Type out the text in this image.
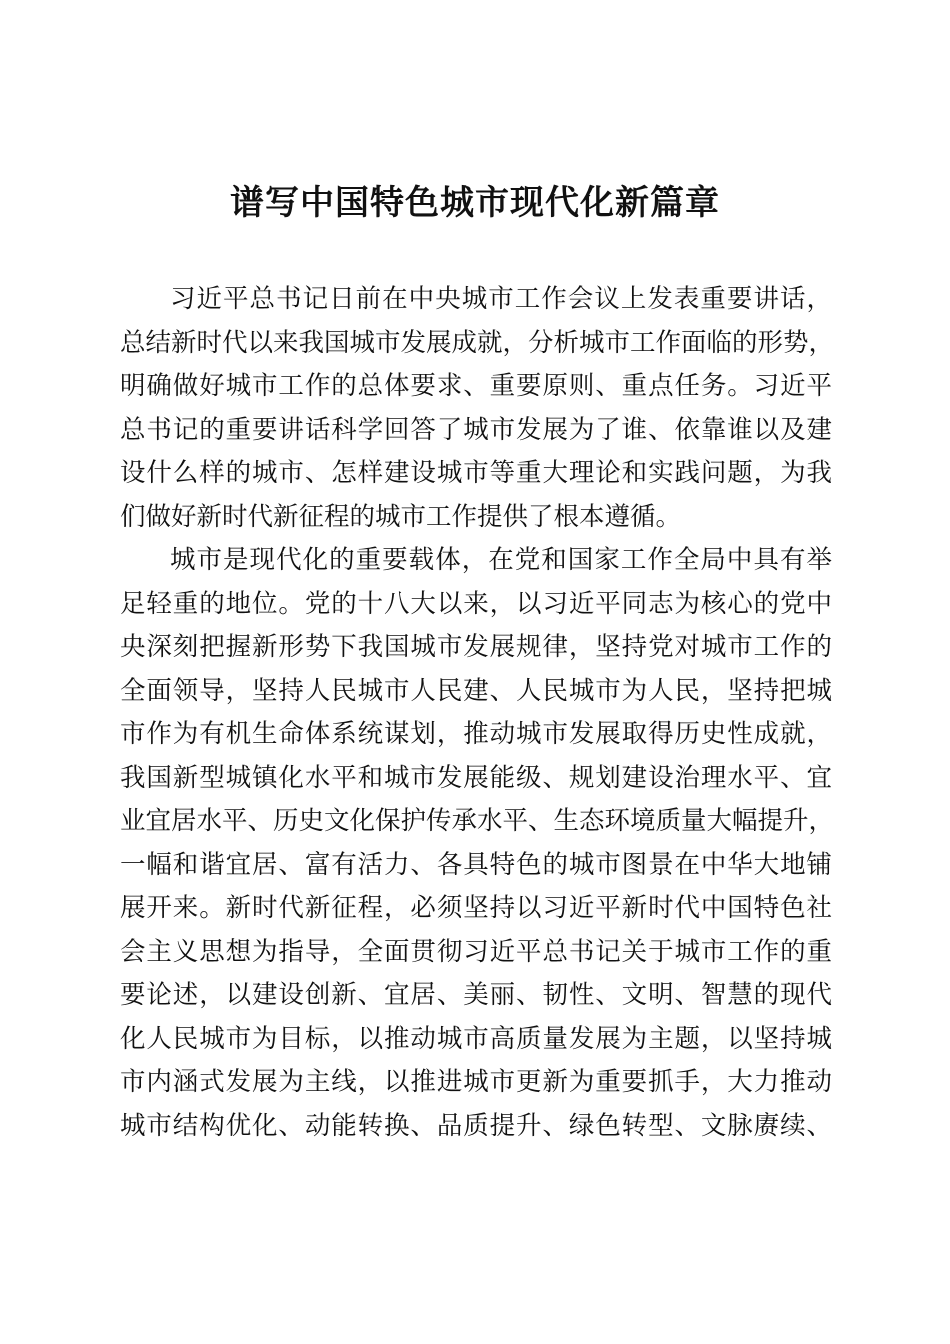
谱写中国特色城市现代化新篇章

习近平总书记日前在中央城市工作会议上发表重要讲话，

总结新时代以来我国城市发展成就，分析城市工作面临的形势，

明确做好城市工作的总体要求、重要原则、重点任务。习近平

总书记的重要讲话科学回答了城市发展为了谁、依靠谁以及建

设什么样的城市、怎样建设城市等重大理论和实践问题，为我

们做好新时代新征程的城市工作提供了根本遵循。

城市是现代化的重要载体，在党和国家工作全局中具有举

足轻重的地位。党的十八大以来，以习近平同志为核心的党中

央深刻把握新形势下我国城市发展规律，坚持党对城市工作的

全面领导，坚持人民城市人民建、人民城市为人民，坚持把城

市作为有机生命体系统谋划，推动城市发展取得历史性成就，

我国新型城镇化水平和城市发展能级、规划建设治理水平、宜

业宜居水平、历史文化保护传承水平、生态环境质量大幅提升，

一幅和谐宜居、富有活力、各具特色的城市图景在中华大地铺

展开来。新时代新征程，必须坚持以习近平新时代中国特色社

会主义思想为指导，全面贯彻习近平总书记关于城市工作的重

要论述，以建设创新、宜居、美丽、韧性、文明、智慧的现代

化人民城市为目标，以推动城市高质量发展为主题，以坚持城

市内涵式发展为主线，以推进城市更新为重要抓手，大力推动

城市结构优化、动能转换、品质提升、绿色转型、文脉赓续、
